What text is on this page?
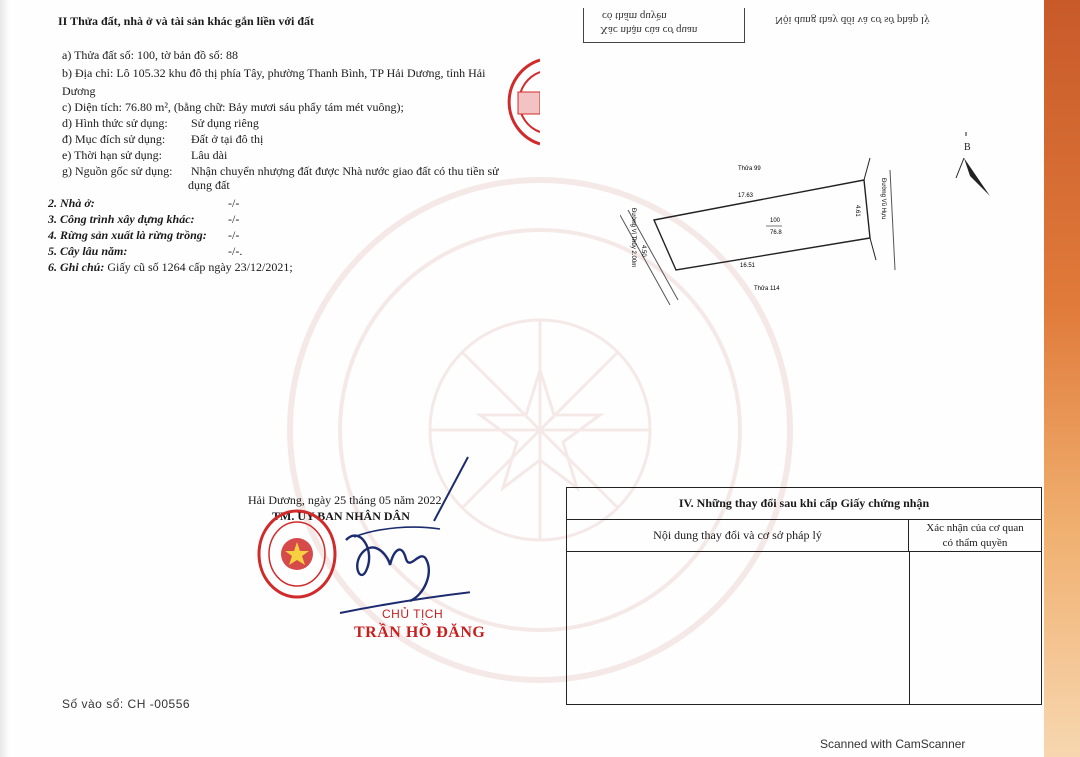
có thẩm quyền
Xác nhận của cơ quan
Nội dung thay đổi và cơ sở pháp lý
II Thửa đất, nhà ở và tài sản khác gắn liền với đất
a) Thửa đất số: 100, tờ bản đồ số: 88
b) Địa chỉ: Lô 105.32 khu đô thị phía Tây, phường Thanh Bình, TP Hải Dương, tỉnh Hải
Dương
c) Diện tích: 76.80 m², (bằng chữ: Bảy mươi sáu phẩy tám mét vuông);
d) Hình thức sử dụng: Sử dụng riêng
đ) Mục đích sử dụng: Đất ở tại đô thị
e) Thời hạn sử dụng: Lâu dài
g) Nguồn gốc sử dụng: Nhận chuyển nhượng đất được Nhà nước giao đất có thu tiền sử
dụng đất
2. Nhà ở:	-/-
3. Công trình xây dựng khác:	-/-
4. Rừng sản xuất là rừng trồng: -/-
5. Cây lâu năm:	-/-.
6. Ghi chú: Giấy cũ số 1264 cấp ngày 23/12/2021;
Thửa 99
17.63
100
76.8
16.51
Thửa 114
4.50
4.61
Đường Vị Thủy 2.00m
Đường Vũ Hựu
B
Hải Dương, ngày 25 tháng 05 năm 2022
TM. ỦY BAN NHÂN DÂN
CHỦ TỊCH
TRẦN HỒ ĐĂNG
Số vào sổ: CH -00556
IV. Những thay đổi sau khi cấp Giấy chứng nhận
Nội dung thay đổi và cơ sở pháp lý	Xác nhận của cơ quan
có thẩm quyền
Scanned with CamScanner
